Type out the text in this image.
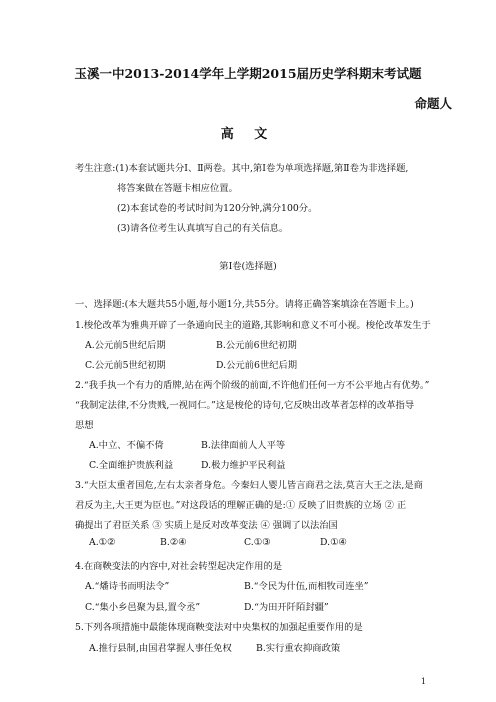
玉溪一中2013-2014学年上学期2015届历史学科期末考试题
命题人
高 文
考生注意:(1)本套试题共分Ⅰ、Ⅱ两卷。其中,第Ⅰ卷为单项选择题,第Ⅱ卷为非选择题,
将答案做在答题卡相应位置。
(2)本套试卷的考试时间为120分钟,满分100分。
(3)请各位考生认真填写自己的有关信息。
第Ⅰ卷(选择题)
一、选择题:(本大题共55小题,每小题1分,共55分。请将正确答案填涂在答题卡上。)
1.梭伦改革为雅典开辟了一条通向民主的道路,其影响和意义不可小视。梭伦改革发生于
A.公元前5世纪后期	B.公元前6世纪初期
C.公元前5世纪初期	D.公元前6世纪后期
2.“我手执一个有力的盾牌,站在两个阶级的前面,不许他们任何一方不公平地占有优势。”
“我制定法律,不分贵贱,一视同仁。”这是梭伦的诗句,它反映出改革者怎样的改革指导
思想
A.中立、不偏不倚	B.法律面前人人平等
C.全面维护贵族利益	D.极力维护平民利益
3.“大臣太重者国危,左右太亲者身危。今秦妇人婴儿皆言商君之法,莫言大王之法,是商
君反为主,大王更为臣也。”对这段话的理解正确的是:① 反映了旧贵族的立场 ② 正
确提出了君臣关系 ③ 实质上是反对改革变法 ④ 强调了以法治国
A.①②	B.②④	C.①③	D.①④
4.在商鞅变法的内容中,对社会转型起决定作用的是
A.“燔诗书而明法令”	B.“令民为什伍,而相牧司连坐”
C.“集小乡邑聚为县,置令丞”	D.“为田开阡陌封疆”
5.下列各项措施中最能体现商鞅变法对中央集权的加强起重要作用的是
A.推行县制,由国君掌握人事任免权	B.实行重农抑商政策
1
